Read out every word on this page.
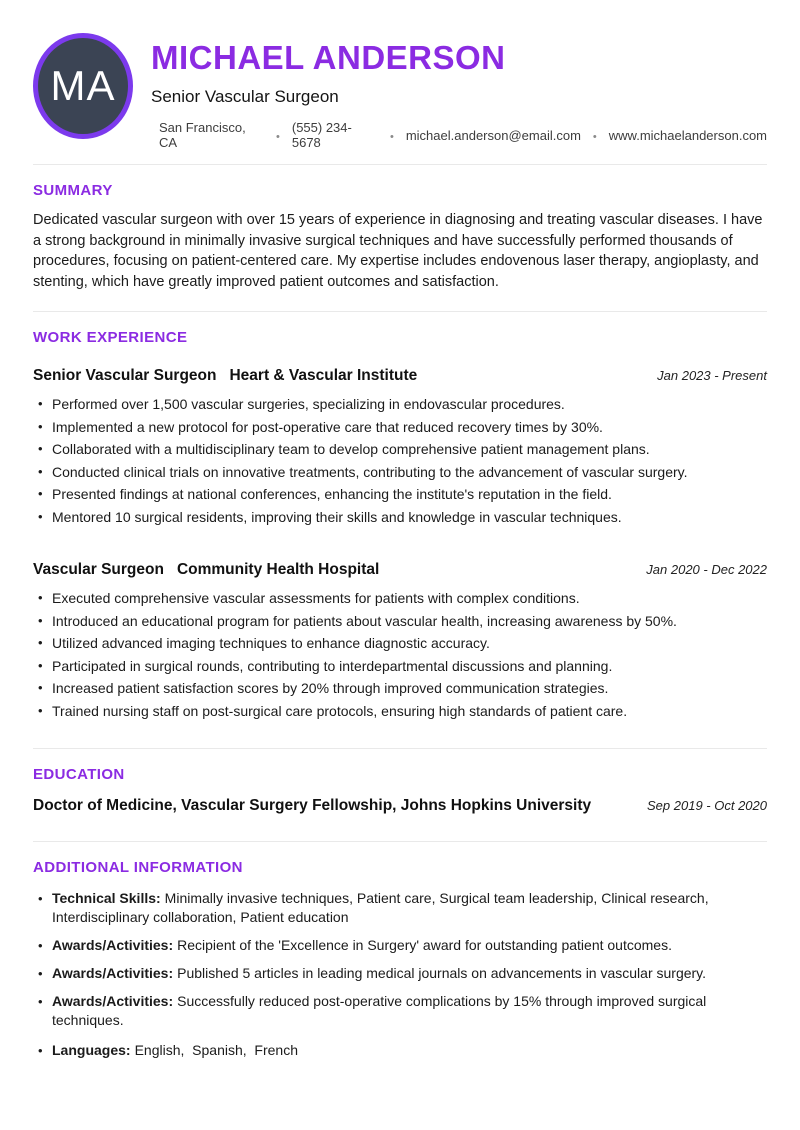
MA
MICHAEL ANDERSON
Senior Vascular Surgeon
San Francisco, CA
•
(555) 234-5678 •	michael.anderson@email.com • www.michaelanderson.com
SUMMARY

Dedicated vascular surgeon with over 15 years of experience in diagnosing and treating vascular diseases. I have a strong background in minimally invasive surgical techniques and have successfully performed thousands of procedures, focusing on patient-centered care. My expertise includes endovenous laser therapy, angioplasty, and stenting, which have greatly improved patient outcomes and satisfaction.

WORK EXPERIENCE
Senior Vascular Surgeon Heart & Vascular Institute	Jan 2023 - Present
• Performed over 1,500 vascular surgeries, specializing in endovascular procedures.
• Implemented a new protocol for post-operative care that reduced recovery times by 30%.
• Collaborated with a multidisciplinary team to develop comprehensive patient management plans.
• Conducted clinical trials on innovative treatments, contributing to the advancement of vascular surgery.
• Presented findings at national conferences, enhancing the institute's reputation in the field.
• Mentored 10 surgical residents, improving their skills and knowledge in vascular techniques.
Vascular Surgeon Community Health Hospital	Jan 2020 - Dec 2022
• Executed comprehensive vascular assessments for patients with complex conditions.
• Introduced an educational program for patients about vascular health, increasing awareness by 50%.
• Utilized advanced imaging techniques to enhance diagnostic accuracy.
• Participated in surgical rounds, contributing to interdepartmental discussions and planning.
• Increased patient satisfaction scores by 20% through improved communication strategies.
• Trained nursing staff on post-surgical care protocols, ensuring high standards of patient care.
EDUCATION
Doctor of Medicine, Vascular Surgery Fellowship, Johns Hopkins University	Sep 2019 - Oct 2020
ADDITIONAL INFORMATION
• Technical Skills: Minimally invasive techniques, Patient care, Surgical team leadership, Clinical research, Interdisciplinary collaboration, Patient education
• Awards/Activities: Recipient of the 'Excellence in Surgery' award for outstanding patient outcomes.
• Awards/Activities: Published 5 articles in leading medical journals on advancements in vascular surgery.
• Awards/Activities: Successfully reduced post-operative complications by 15% through improved surgical techniques.
• Languages: English,  Spanish,  French
